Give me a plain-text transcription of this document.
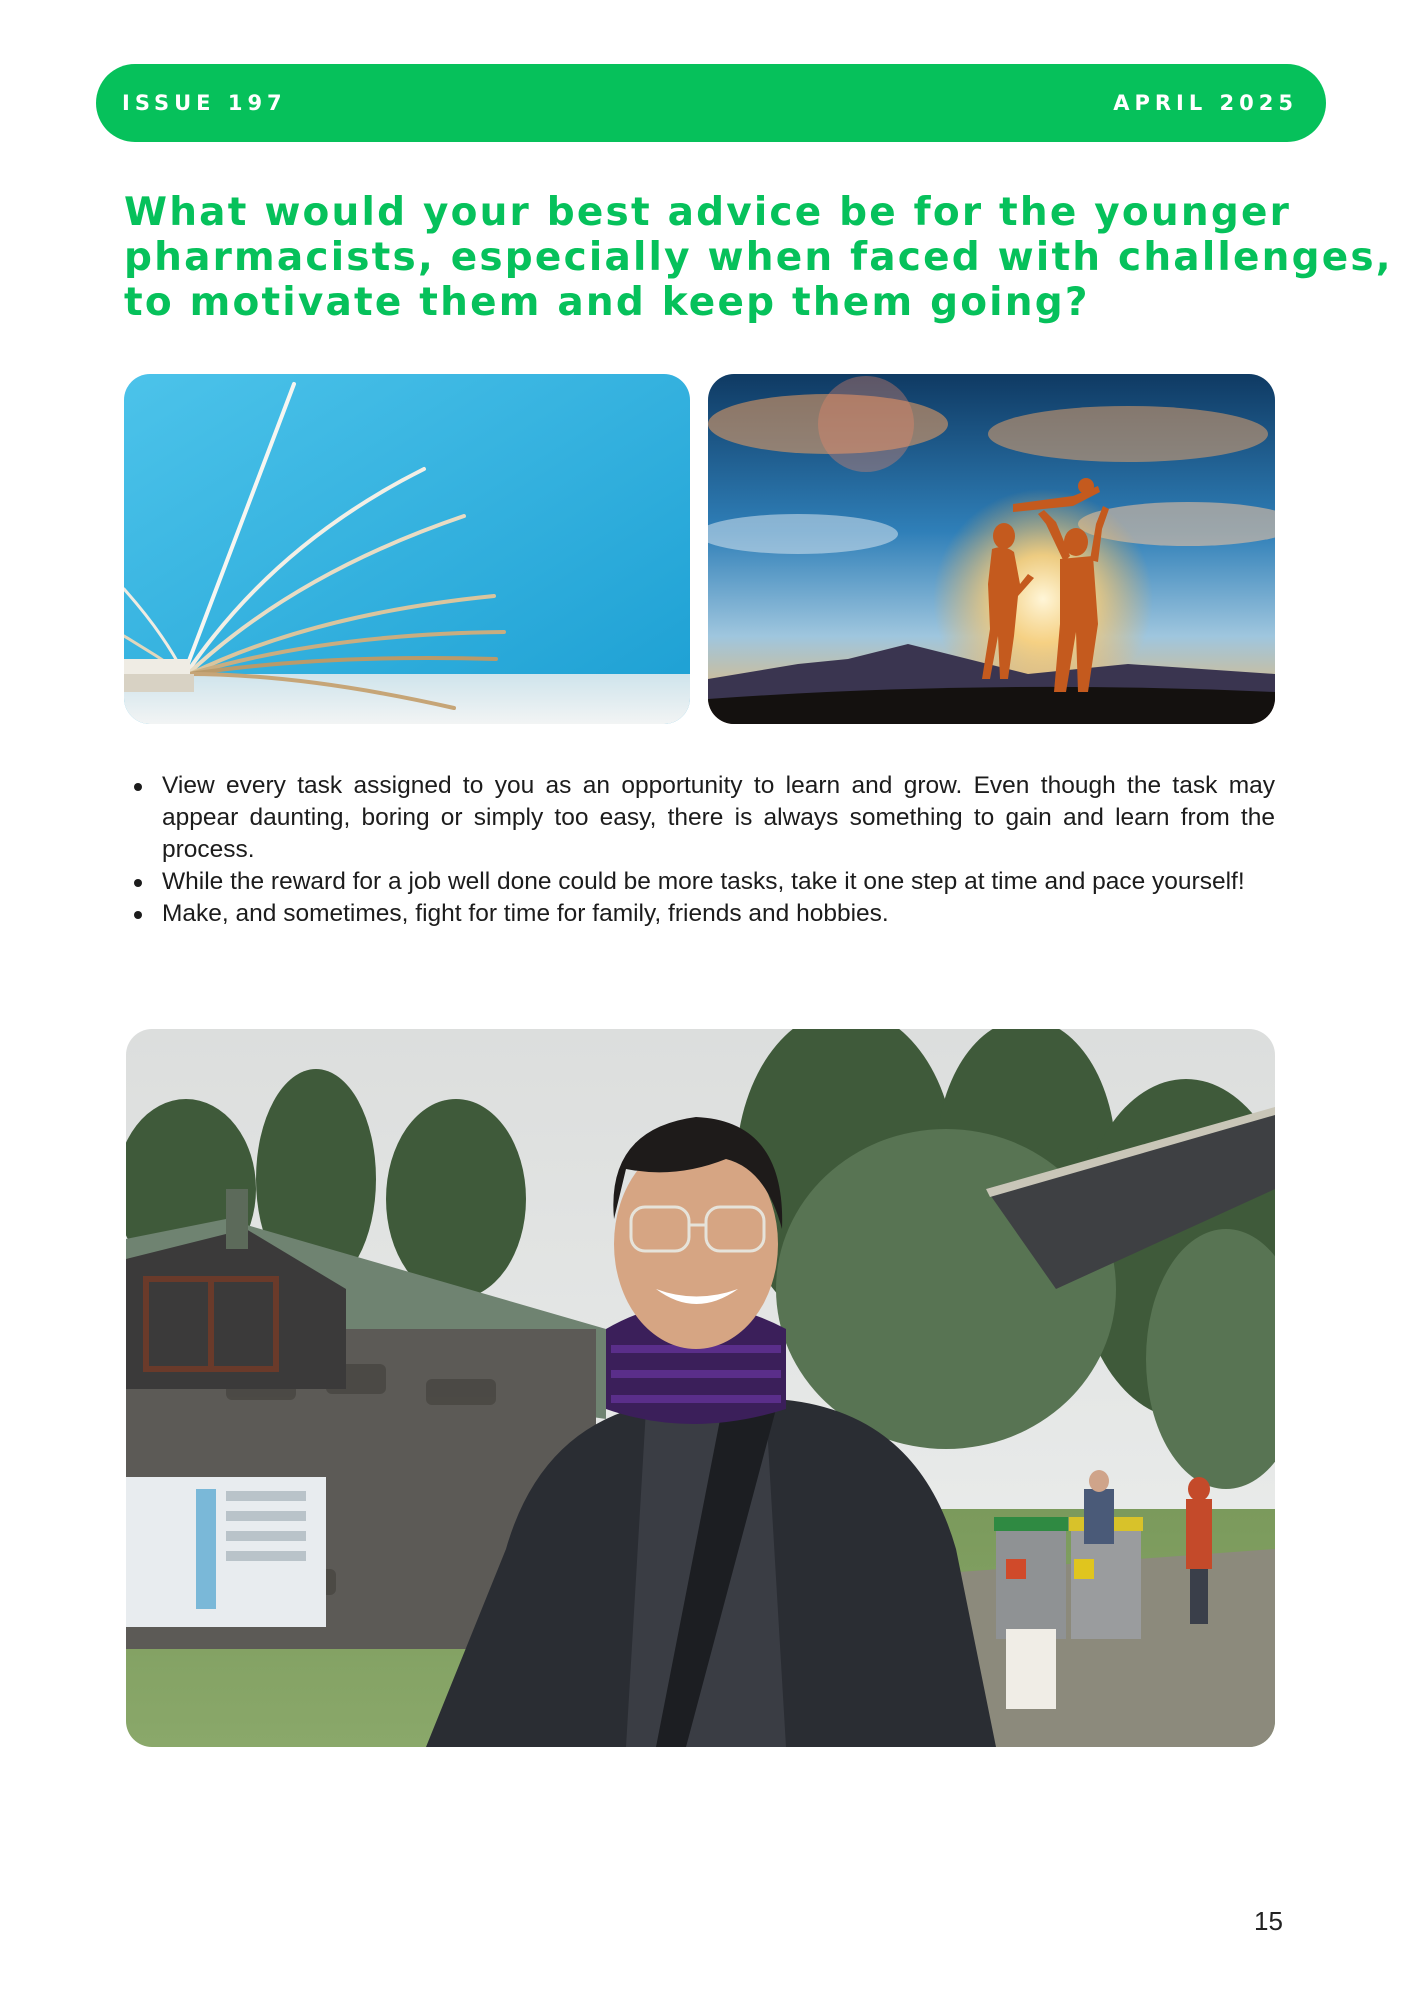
ISSUE 197	APRIL 2025
What would your best advice be for the younger
pharmacists, especially when faced with challenges,
to motivate them and keep them going?
View every task assigned to you as an opportunity to learn and grow. Even though the task may appear daunting, boring or simply too easy, there is always something to gain and learn from the process.
While the reward for a job well done could be more tasks, take it one step at time and pace yourself!
Make, and sometimes, fight for time for family, friends and hobbies.
15
